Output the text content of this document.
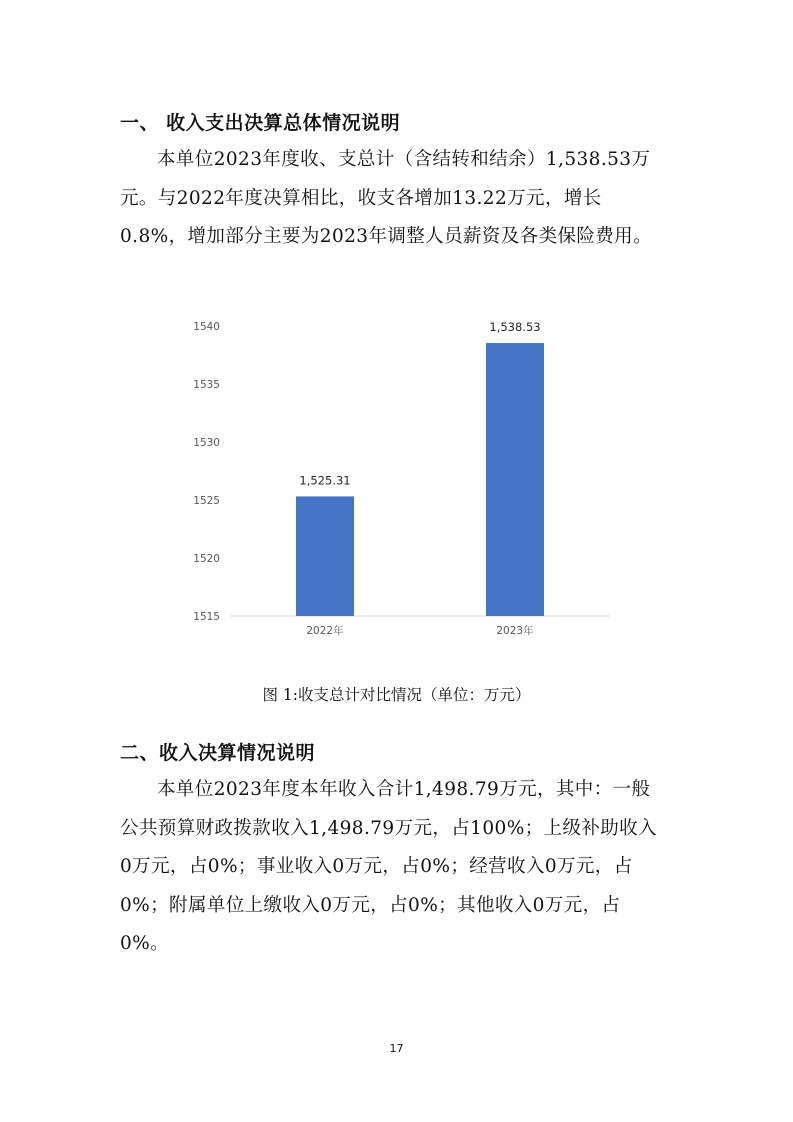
一、 收入支出决算总体情况说明

本单位2023年度收、支总计（含结转和结余）1,538.53万元。与2022年度决算相比，收支各增加13.22万元，增长0.8%，增加部分主要为2023年调整人员薪资及各类保险费用。

1515
1520
1525
1530
1535
1540
2022年	2023年
1,525.31
1,538.53
图 1:收支总计对比情况（单位：万元）
二、收入决算情况说明

本单位2023年度本年收入合计1,498.79万元，其中：一般公共预算财政拨款收入1,498.79万元，占100%；上级补助收入0万元，占0%；事业收入0万元，占0%；经营收入0万元，占0%；附属单位上缴收入0万元，占0%；其他收入0万元，占0%。

17
